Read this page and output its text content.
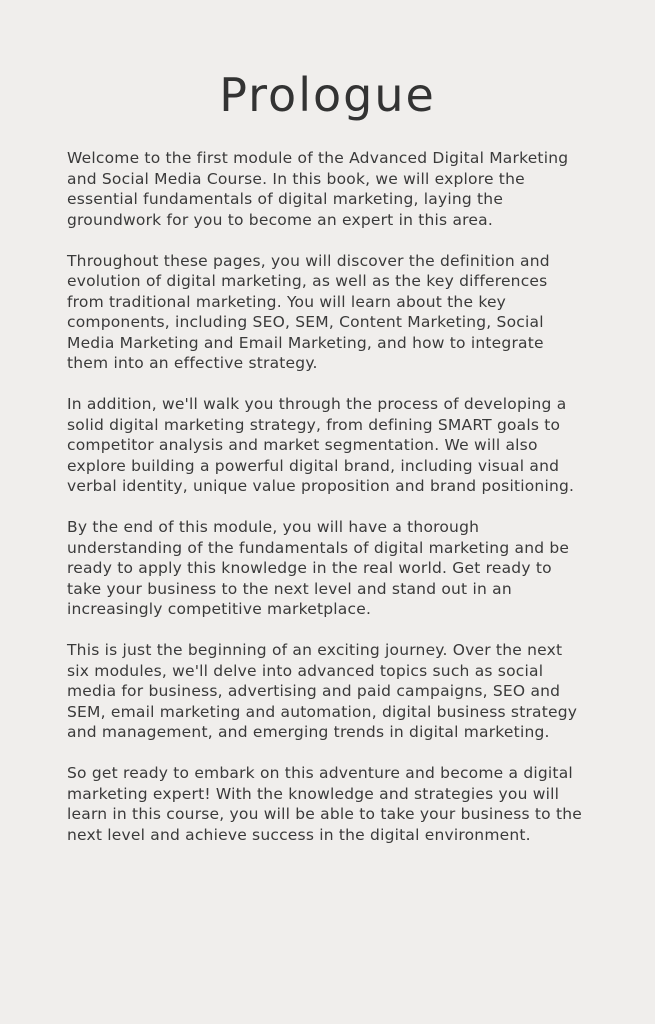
Prologue

Welcome to the first module of the Advanced Digital Marketing and Social Media Course. In this book, we will explore the essential fundamentals of digital marketing, laying the groundwork for you to become an expert in this area.

Throughout these pages, you will discover the definition and evolution of digital marketing, as well as the key differences from traditional marketing. You will learn about the key components, including SEO, SEM, Content Marketing, Social Media Marketing and Email Marketing, and how to integrate them into an effective strategy.

In addition, we'll walk you through the process of developing a solid digital marketing strategy, from defining SMART goals to competitor analysis and market segmentation. We will also explore building a powerful digital brand, including visual and verbal identity, unique value proposition and brand positioning.

By the end of this module, you will have a thorough understanding of the fundamentals of digital marketing and be ready to apply this knowledge in the real world. Get ready to take your business to the next level and stand out in an increasingly competitive marketplace.

This is just the beginning of an exciting journey. Over the next six modules, we'll delve into advanced topics such as social media for business, advertising and paid campaigns, SEO and SEM, email marketing and automation, digital business strategy and management, and emerging trends in digital marketing.

So get ready to embark on this adventure and become a digital marketing expert! With the knowledge and strategies you will learn in this course, you will be able to take your business to the next level and achieve success in the digital environment.
